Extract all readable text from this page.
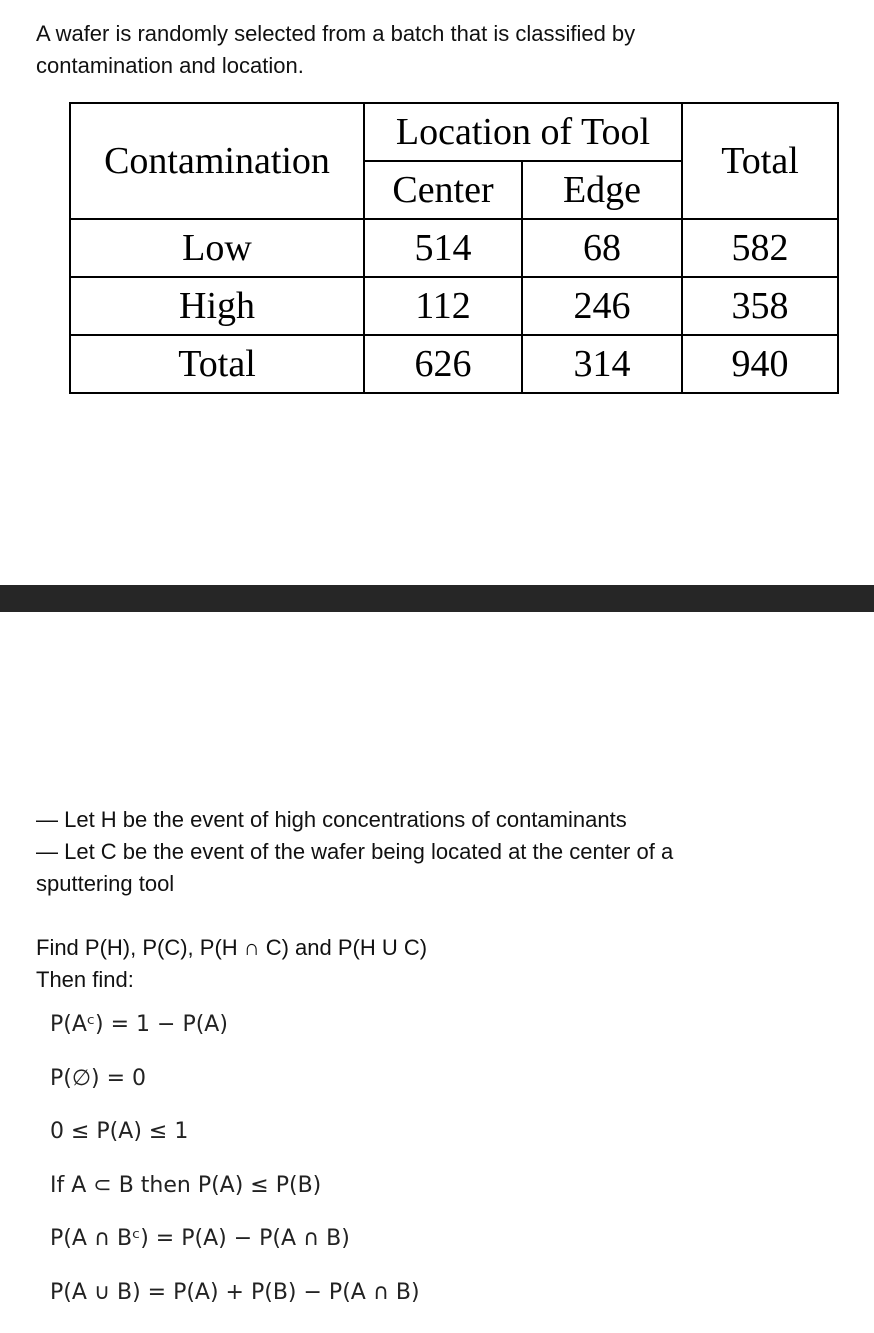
A wafer is randomly selected from a batch that is classified by
contamination and location.
Contamination	Location of Tool		Total
	Center	Edge	
Low	514	68	582
High	112	246	358
Total	626	314	940
— Let H be the event of high concentrations of contaminants
— Let C be the event of the wafer being located at the center of a
sputtering tool
Find P(H), P(C), P(H ∩ C) and P(H U C)
Then find:
P(Aᶜ) = 1 − P(A)
P(∅) = 0
0 ≤ P(A) ≤ 1
If A ⊂ B then P(A) ≤ P(B)
P(A ∩ Bᶜ) = P(A) − P(A ∩ B)
P(A ∪ B) = P(A) + P(B) − P(A ∩ B)
